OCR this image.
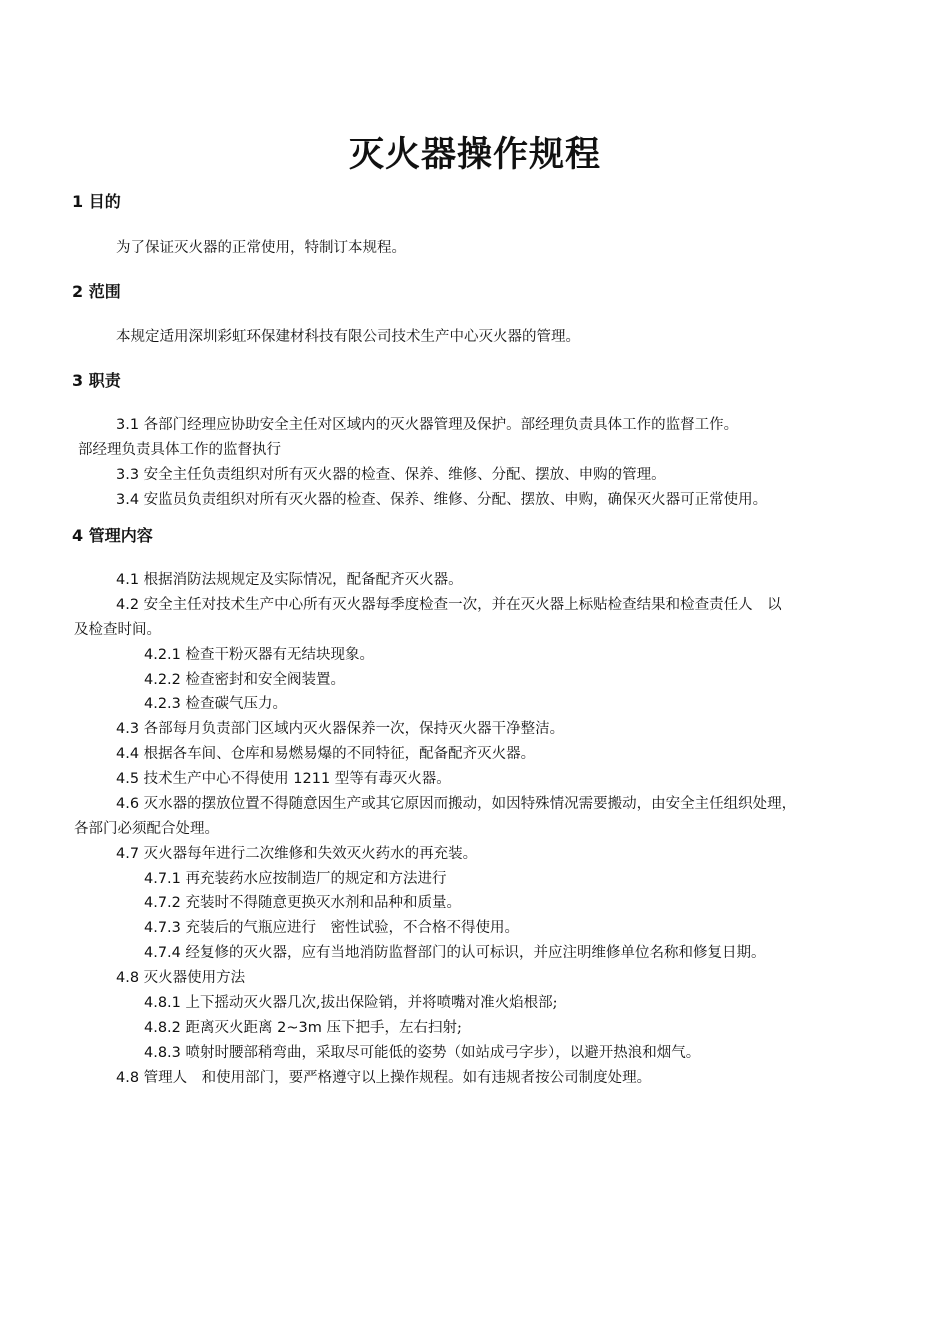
灭火器操作规程
1 目的
为了保证灭火器的正常使用，特制订本规程。
2 范围
本规定适用深圳彩虹环保建材科技有限公司技术生产中心灭火器的管理。
3 职责
3.1 各部门经理应协助安全主任对区域内的灭火器管理及保护。部经理负责具体工作的监督工作。
部经理负责具体工作的监督执行
3.3 安全主任负责组织对所有灭火器的检查、保养、维修、分配、摆放、申购的管理。
3.4 安监员负责组织对所有灭火器的检查、保养、维修、分配、摆放、申购，确保灭火器可正常使用。
4 管理内容
4.1 根据消防法规规定及实际情况，配备配齐灭火器。
4.2 安全主任对技术生产中心所有灭火器每季度检查一次，并在灭火器上标贴检查结果和检查责任人　以
及检查时间。
4.2.1 检查干粉灭器有无结块现象。
4.2.2 检查密封和安全阀装置。
4.2.3 检查碳气压力。
4.3 各部每月负责部门区域内灭火器保养一次，保持灭火器干净整洁。
4.4 根据各车间、仓库和易燃易爆的不同特征，配备配齐灭火器。
4.5 技术生产中心不得使用 1211 型等有毒灭火器。
4.6 灭水器的摆放位置不得随意因生产或其它原因而搬动，如因特殊情况需要搬动，由安全主任组织处理，
各部门必须配合处理。
4.7 灭火器每年进行二次维修和失效灭火药水的再充装。
4.7.1 再充装药水应按制造厂的规定和方法进行
4.7.2 充装时不得随意更换灭水剂和品种和质量。
4.7.3 充装后的气瓶应进行　密性试验，不合格不得使用。
4.7.4 经复修的灭火器，应有当地消防监督部门的认可标识，并应注明维修单位名称和修复日期。
4.8 灭火器使用方法
4.8.1 上下摇动灭火器几次,拔出保险销，并将喷嘴对准火焰根部;
4.8.2 距离灭火距离 2~3m 压下把手，左右扫射;
4.8.3 喷射时腰部稍弯曲，采取尽可能低的姿势（如站成弓字步），以避开热浪和烟气。
4.8 管理人　和使用部门，要严格遵守以上操作规程。如有违规者按公司制度处理。
